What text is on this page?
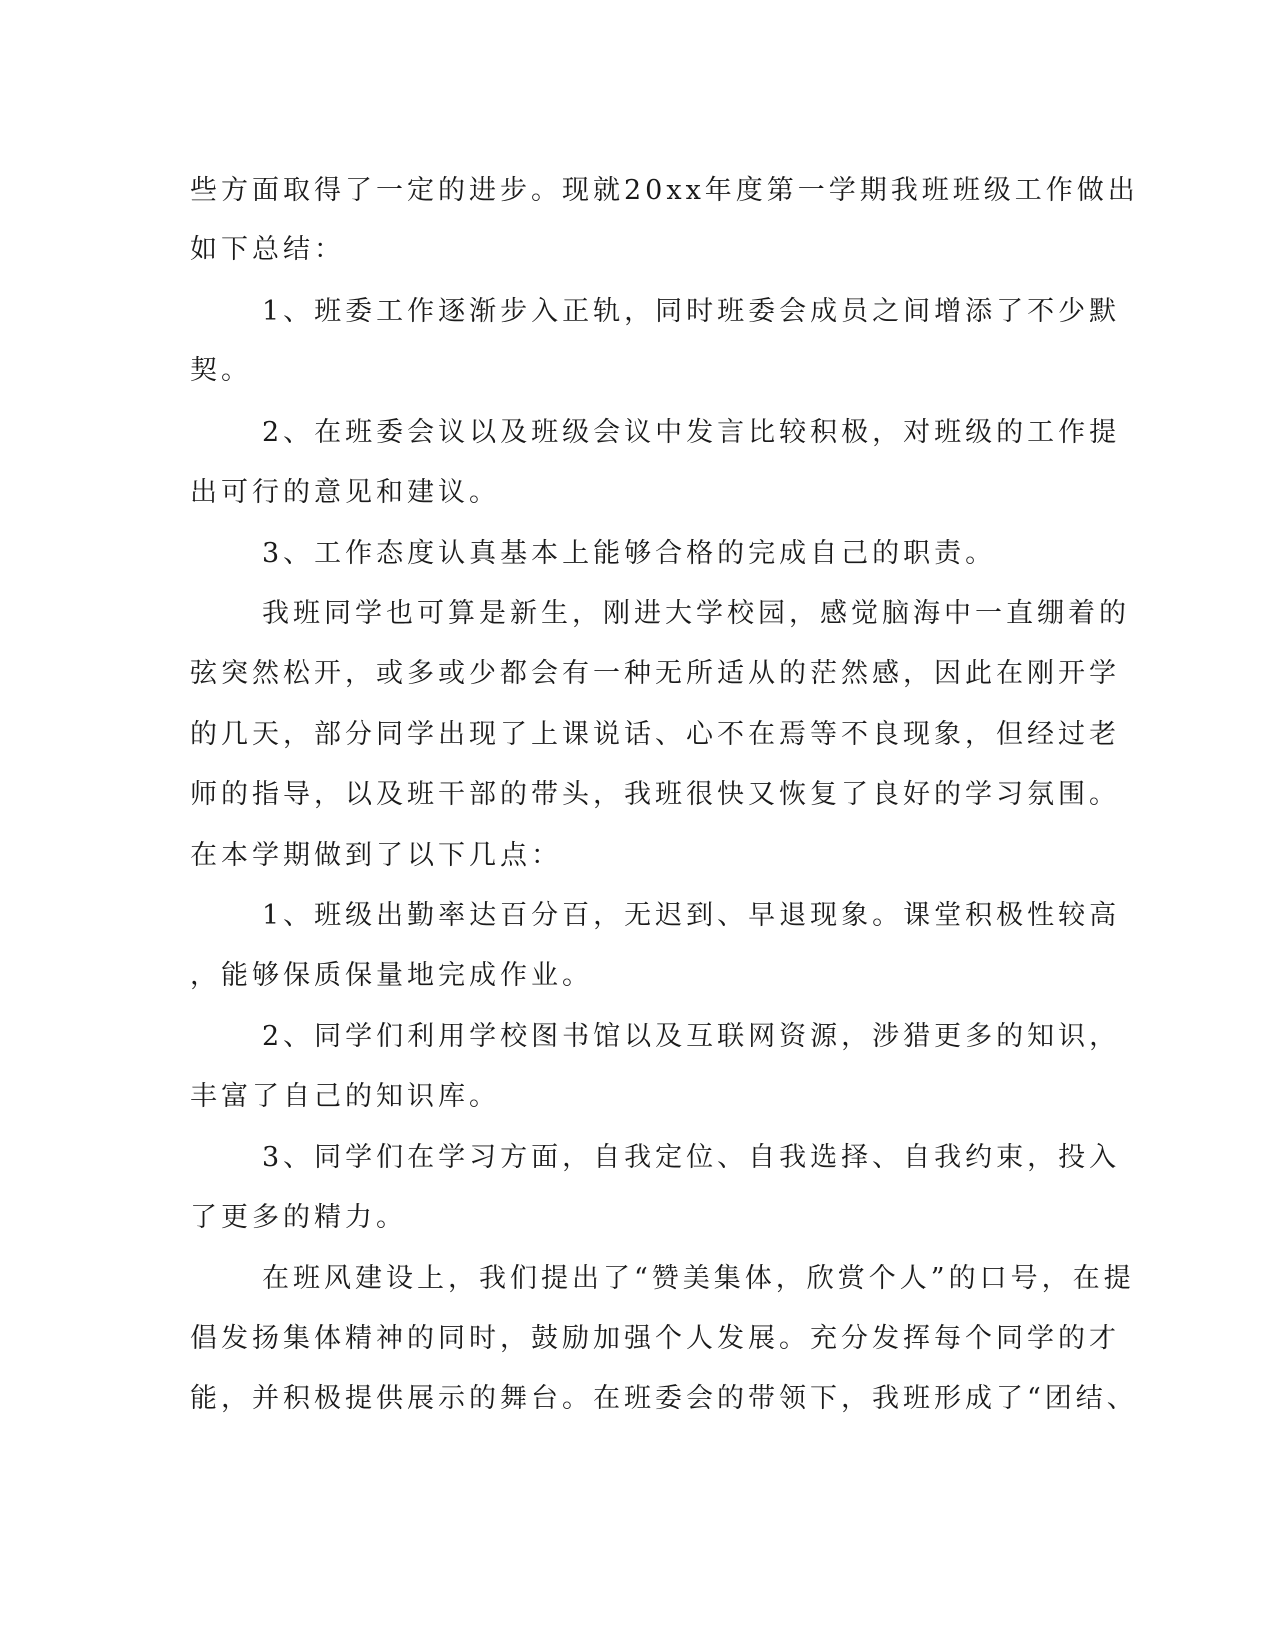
些方面取得了一定的进步。现就20xx年度第一学期我班班级工作做出
如下总结：
1、班委工作逐渐步入正轨，同时班委会成员之间增添了不少默
契。
2、在班委会议以及班级会议中发言比较积极，对班级的工作提
出可行的意见和建议。
3、工作态度认真基本上能够合格的完成自己的职责。
我班同学也可算是新生，刚进大学校园，感觉脑海中一直绷着的
弦突然松开，或多或少都会有一种无所适从的茫然感，因此在刚开学
的几天，部分同学出现了上课说话、心不在焉等不良现象，但经过老
师的指导，以及班干部的带头，我班很快又恢复了良好的学习氛围。
在本学期做到了以下几点：
1、班级出勤率达百分百，无迟到、早退现象。课堂积极性较高
，能够保质保量地完成作业。
2、同学们利用学校图书馆以及互联网资源，涉猎更多的知识，
丰富了自己的知识库。
3、同学们在学习方面，自我定位、自我选择、自我约束，投入
了更多的精力。
在班风建设上，我们提出了“赞美集体，欣赏个人”的口号，在提
倡发扬集体精神的同时，鼓励加强个人发展。充分发挥每个同学的才
能，并积极提供展示的舞台。在班委会的带领下，我班形成了“团结、
